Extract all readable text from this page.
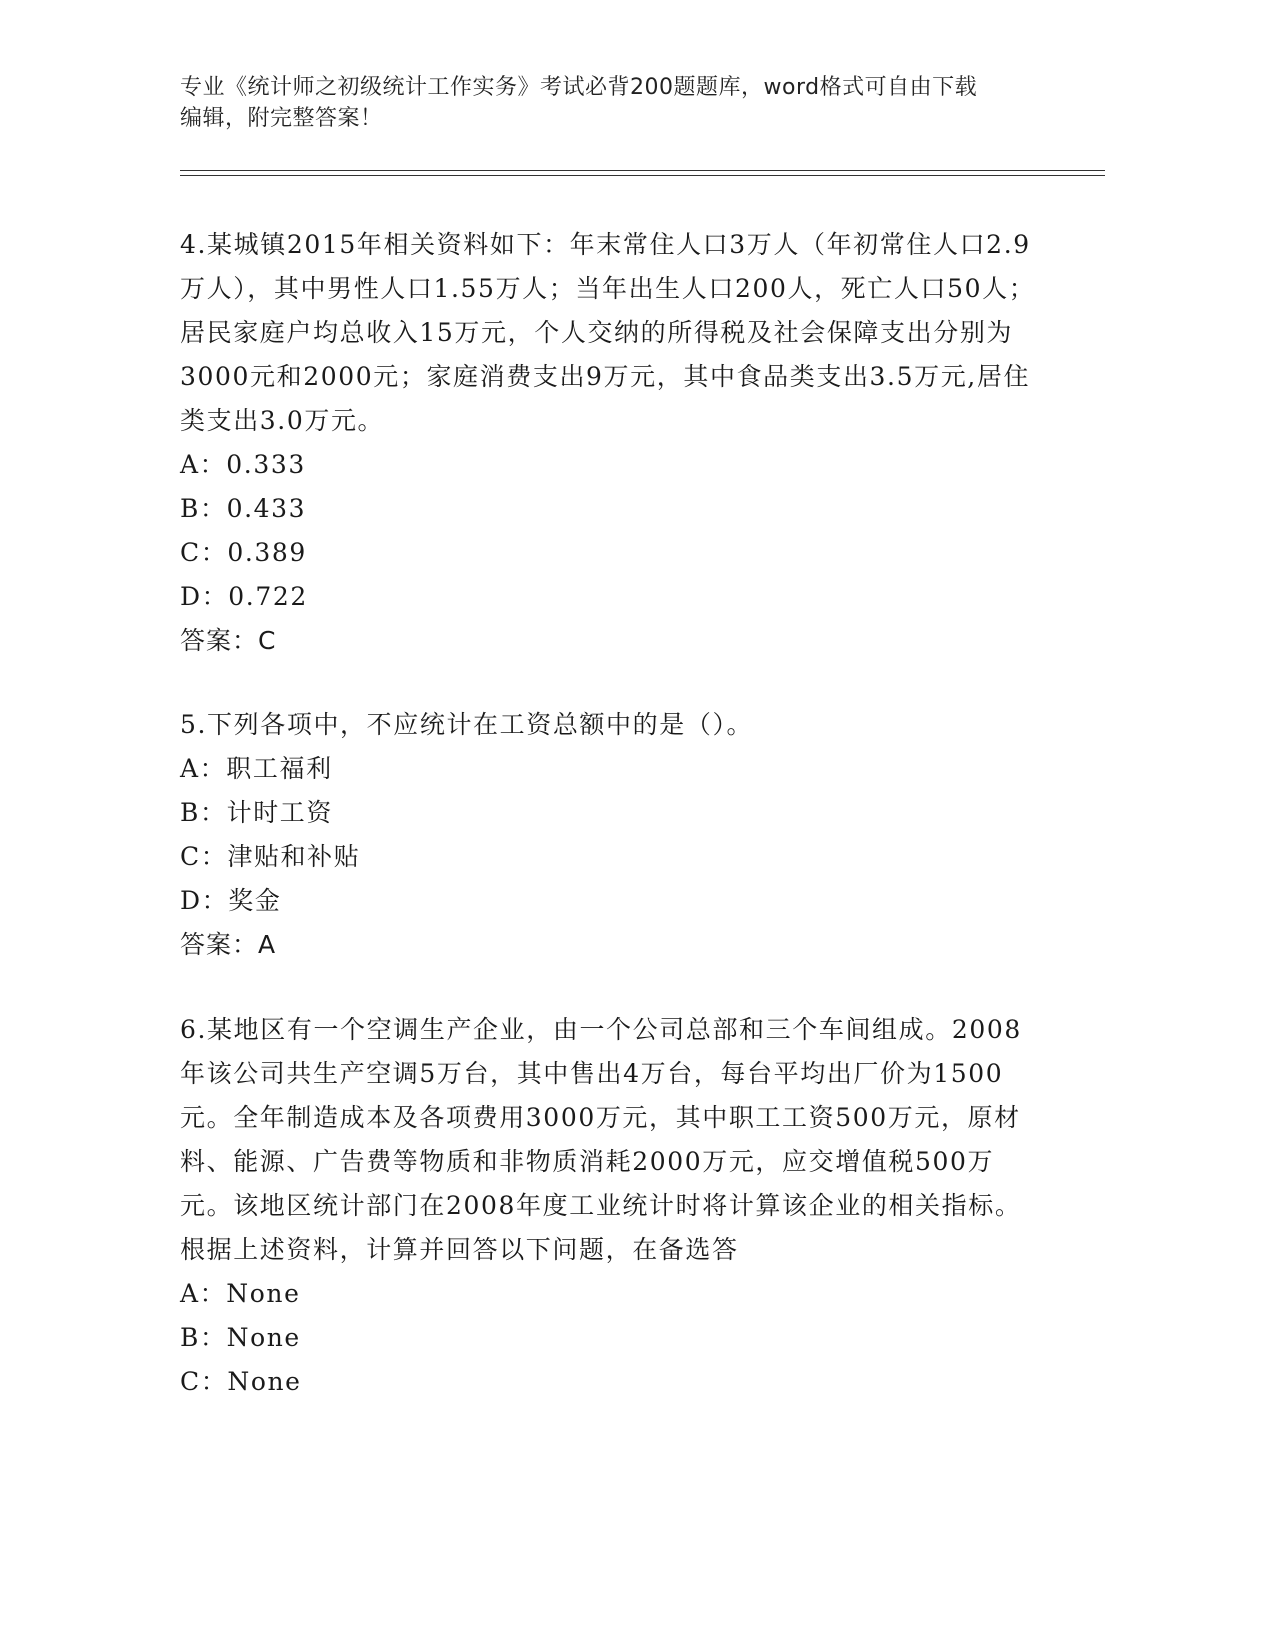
专业《统计师之初级统计工作实务》考试必背200题题库，word格式可自由下载
编辑，附完整答案！

4.某城镇2015年相关资料如下：年末常住人口3万人（年初常住人口2.9万人），其中男性人口1.55万人；当年出生人口200人，死亡人口50人；居民家庭户均总收入15万元，个人交纳的所得税及社会保障支出分别为3000元和2000元；家庭消费支出9万元，其中食品类支出3.5万元,居住类支出3.0万元。

A：0.333

B：0.433

C：0.389

D：0.722

答案：C

5.下列各项中，不应统计在工资总额中的是（）。

A：职工福利

B：计时工资

C：津贴和补贴

D：奖金

答案：A

6.某地区有一个空调生产企业，由一个公司总部和三个车间组成。2008年该公司共生产空调5万台，其中售出4万台，每台平均出厂价为1500元。全年制造成本及各项费用3000万元，其中职工工资500万元，原材料、能源、广告费等物质和非物质消耗2000万元，应交增值税500万元。该地区统计部门在2008年度工业统计时将计算该企业的相关指标。根据上述资料，计算并回答以下问题，在备选答

A：None

B：None

C：None
